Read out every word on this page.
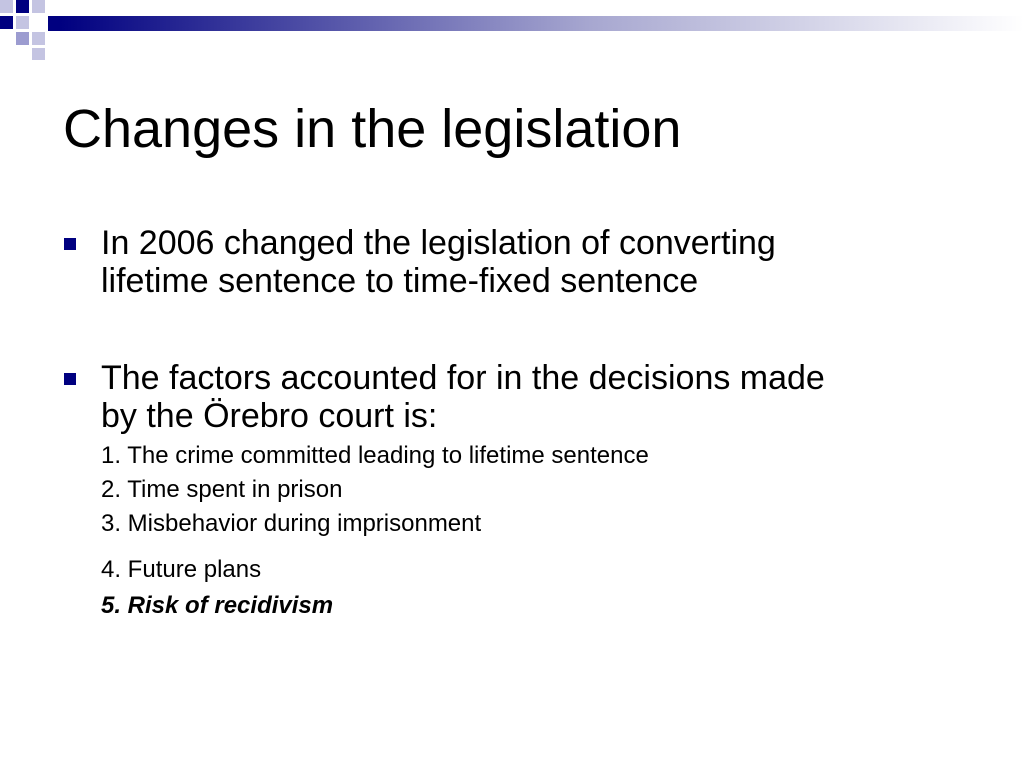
Changes in the legislation
In 2006 changed the legislation of converting
lifetime sentence to time-fixed sentence
The factors accounted for in the decisions made
by the Örebro court is:
1. The crime committed leading to lifetime sentence
2. Time spent in prison
3. Misbehavior during imprisonment
4. Future plans
5. Risk of recidivism
